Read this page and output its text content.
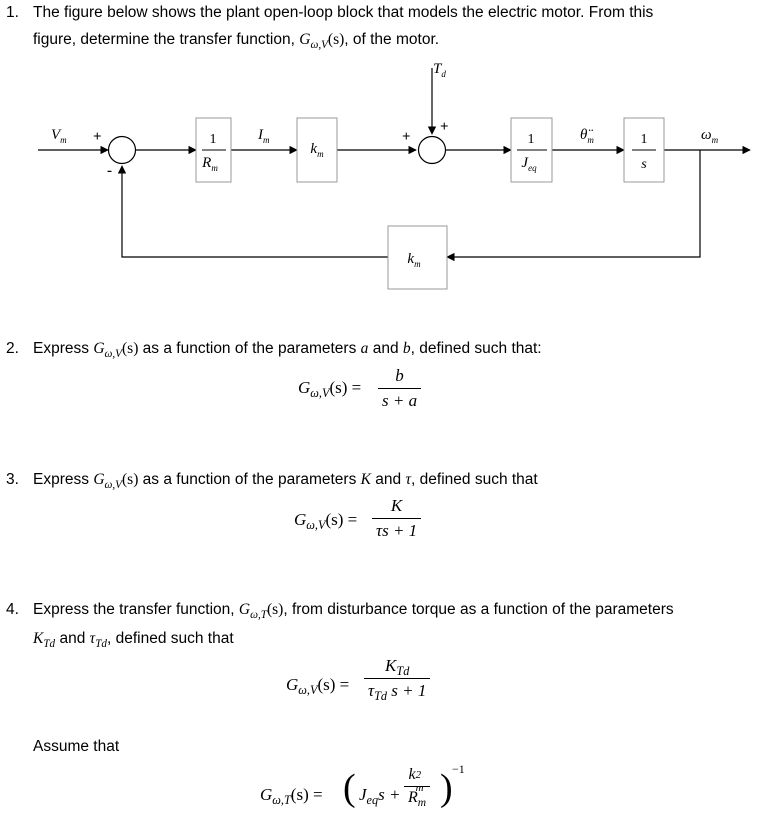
1. The figure below shows the plant open-loop block that models the electric motor. From this
figure, determine the transfer function, $G_{\omega,V}(s)$, of the motor.
1
$R_m$
$k_m$
1
$J_{eq}$
1
s
$k_m$
$V_m$	$I_m$
$T_d$
$\thetä_m$	$\omega_m$
+
-
+
+
2. Express $G_{\omega,V}(s)$ as a function of the parameters a and b, defined such that:
$G_{\omega,V}(s) = \frac{b}{s + a}$
3. Express $G_{\omega,V}(s)$ as a function of the parameters K and τ, defined such that
$G_{\omega,V}(s) = \frac{K}{\tau s + 1}$
4. Express the transfer function, $G_{\omega,T}(s)$, from disturbance torque as a function of the parameters
$K_{Td}$ and $\tau_{Td}$, defined such that
$G_{\omega,V}(s)$ =
$K_{Td}$
$\tau_{Td}$ s + 1
Assume that
$G_{\omega,T}(s)$ = ( $J_{eq}s + k$ 2
m
$R_m$ ) −1
